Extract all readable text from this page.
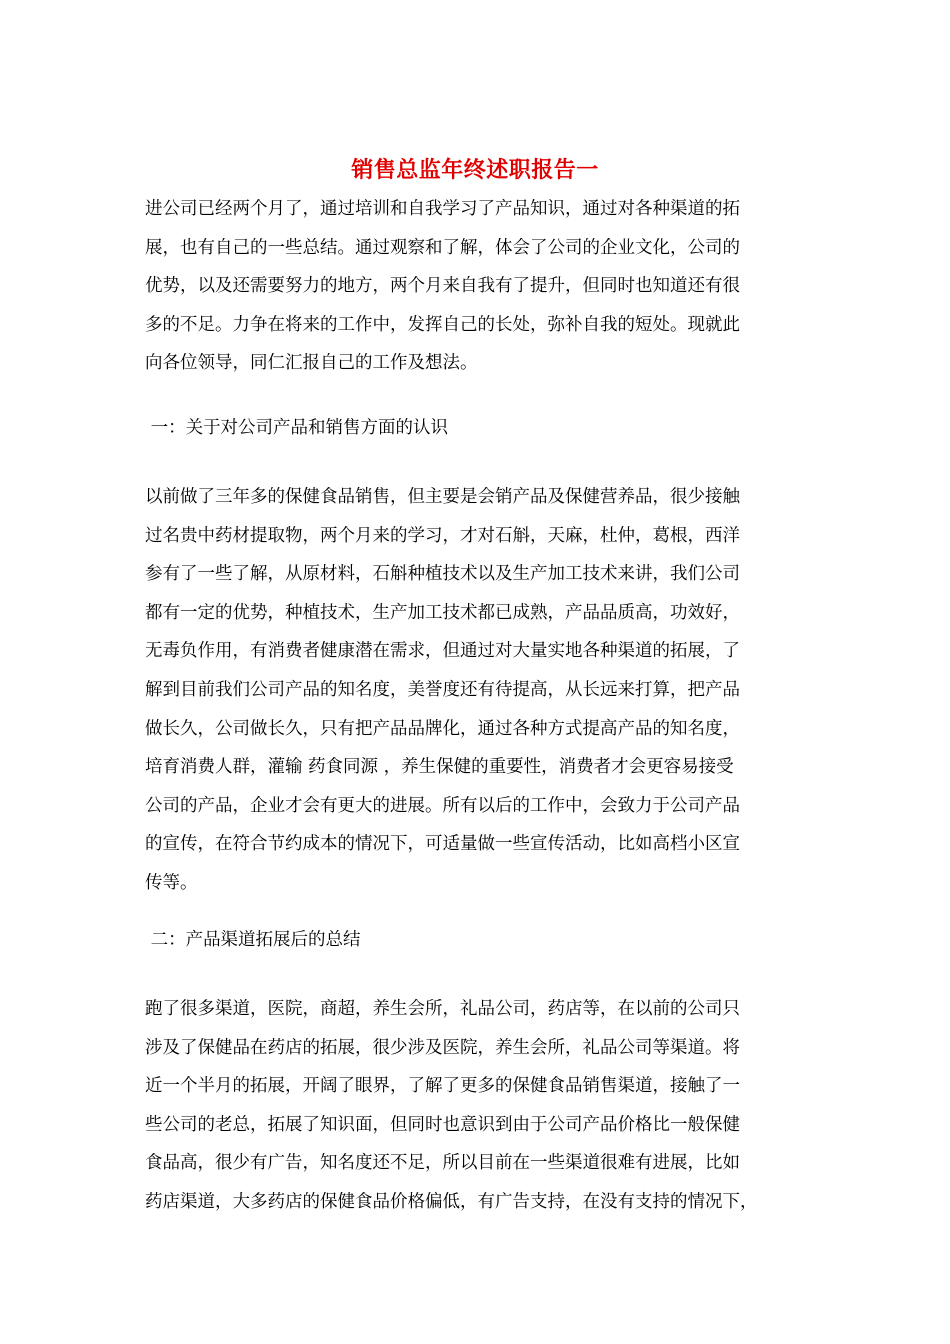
销售总监年终述职报告一
进公司已经两个月了，通过培训和自我学习了产品知识，通过对各种渠道的拓
展，也有自己的一些总结。通过观察和了解，体会了公司的企业文化，公司的
优势，以及还需要努力的地方，两个月来自我有了提升，但同时也知道还有很
多的不足。力争在将来的工作中，发挥自己的长处，弥补自我的短处。现就此
向各位领导，同仁汇报自己的工作及想法。
一：关于对公司产品和销售方面的认识
以前做了三年多的保健食品销售，但主要是会销产品及保健营养品，很少接触
过名贵中药材提取物，两个月来的学习，才对石斛，天麻，杜仲，葛根，西洋
参有了一些了解，从原材料，石斛种植技术以及生产加工技术来讲，我们公司
都有一定的优势，种植技术，生产加工技术都已成熟，产品品质高，功效好，
无毒负作用，有消费者健康潜在需求，但通过对大量实地各种渠道的拓展，了
解到目前我们公司产品的知名度，美誉度还有待提高，从长远来打算，把产品
做长久，公司做长久，只有把产品品牌化，通过各种方式提高产品的知名度，
培育消费人群，灌输 药食同源 ，养生保健的重要性，消费者才会更容易接受
公司的产品，企业才会有更大的进展。所有以后的工作中，会致力于公司产品
的宣传，在符合节约成本的情况下，可适量做一些宣传活动，比如高档小区宣
传等。
二：产品渠道拓展后的总结
跑了很多渠道，医院，商超，养生会所，礼品公司，药店等，在以前的公司只
涉及了保健品在药店的拓展，很少涉及医院，养生会所，礼品公司等渠道。将
近一个半月的拓展，开阔了眼界，了解了更多的保健食品销售渠道，接触了一
些公司的老总，拓展了知识面，但同时也意识到由于公司产品价格比一般保健
食品高，很少有广告，知名度还不足，所以目前在一些渠道很难有进展，比如
药店渠道，大多药店的保健食品价格偏低，有广告支持，在没有支持的情况下，
